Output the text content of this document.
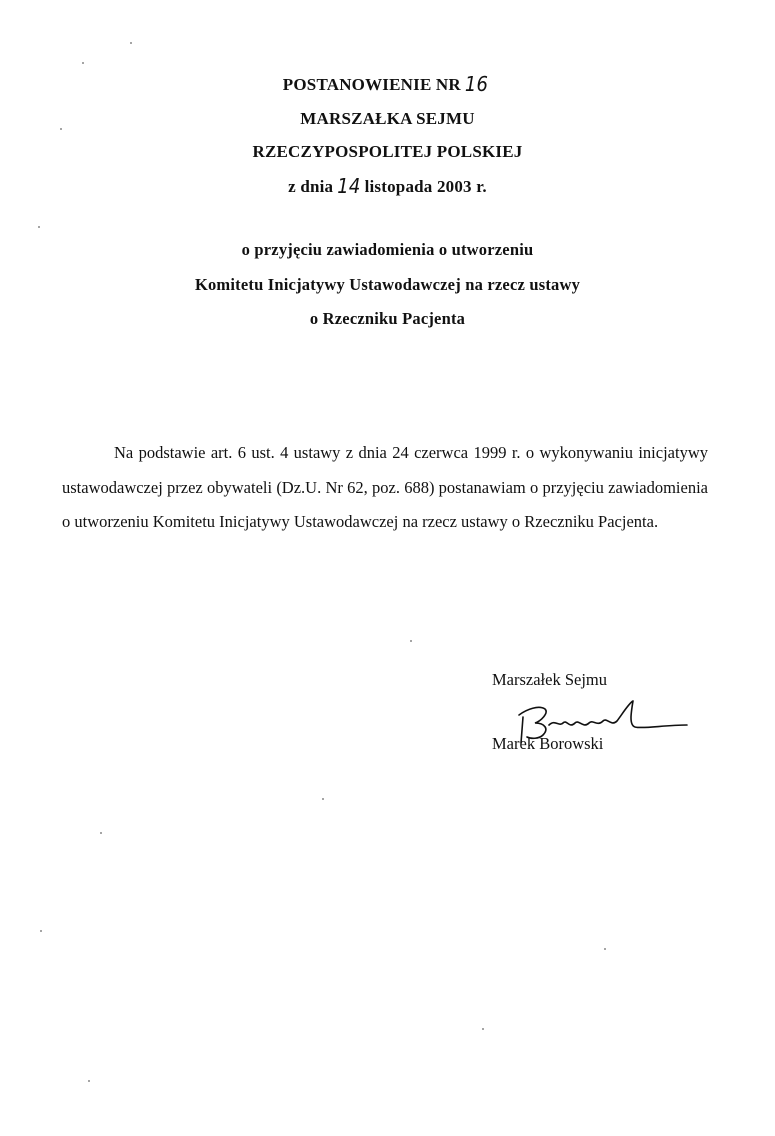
POSTANOWIENIE NR 16
MARSZAŁKA SEJMU
RZECZYPOSPOLITEJ POLSKIEJ
z dnia 14 listopada 2003 r.
o przyjęciu zawiadomienia o utworzeniu
Komitetu Inicjatywy Ustawodawczej na rzecz ustawy
o Rzeczniku Pacjenta
Na podstawie art. 6 ust. 4 ustawy z dnia 24 czerwca 1999 r. o wykonywaniu inicjatywy ustawodawczej przez obywateli (Dz.U. Nr 62, poz. 688) postanawiam o przyjęciu zawiadomienia o utworzeniu Komitetu Inicjatywy Ustawodawczej na rzecz ustawy o Rzeczniku Pacjenta.
Marszałek Sejmu
Marek Borowski
